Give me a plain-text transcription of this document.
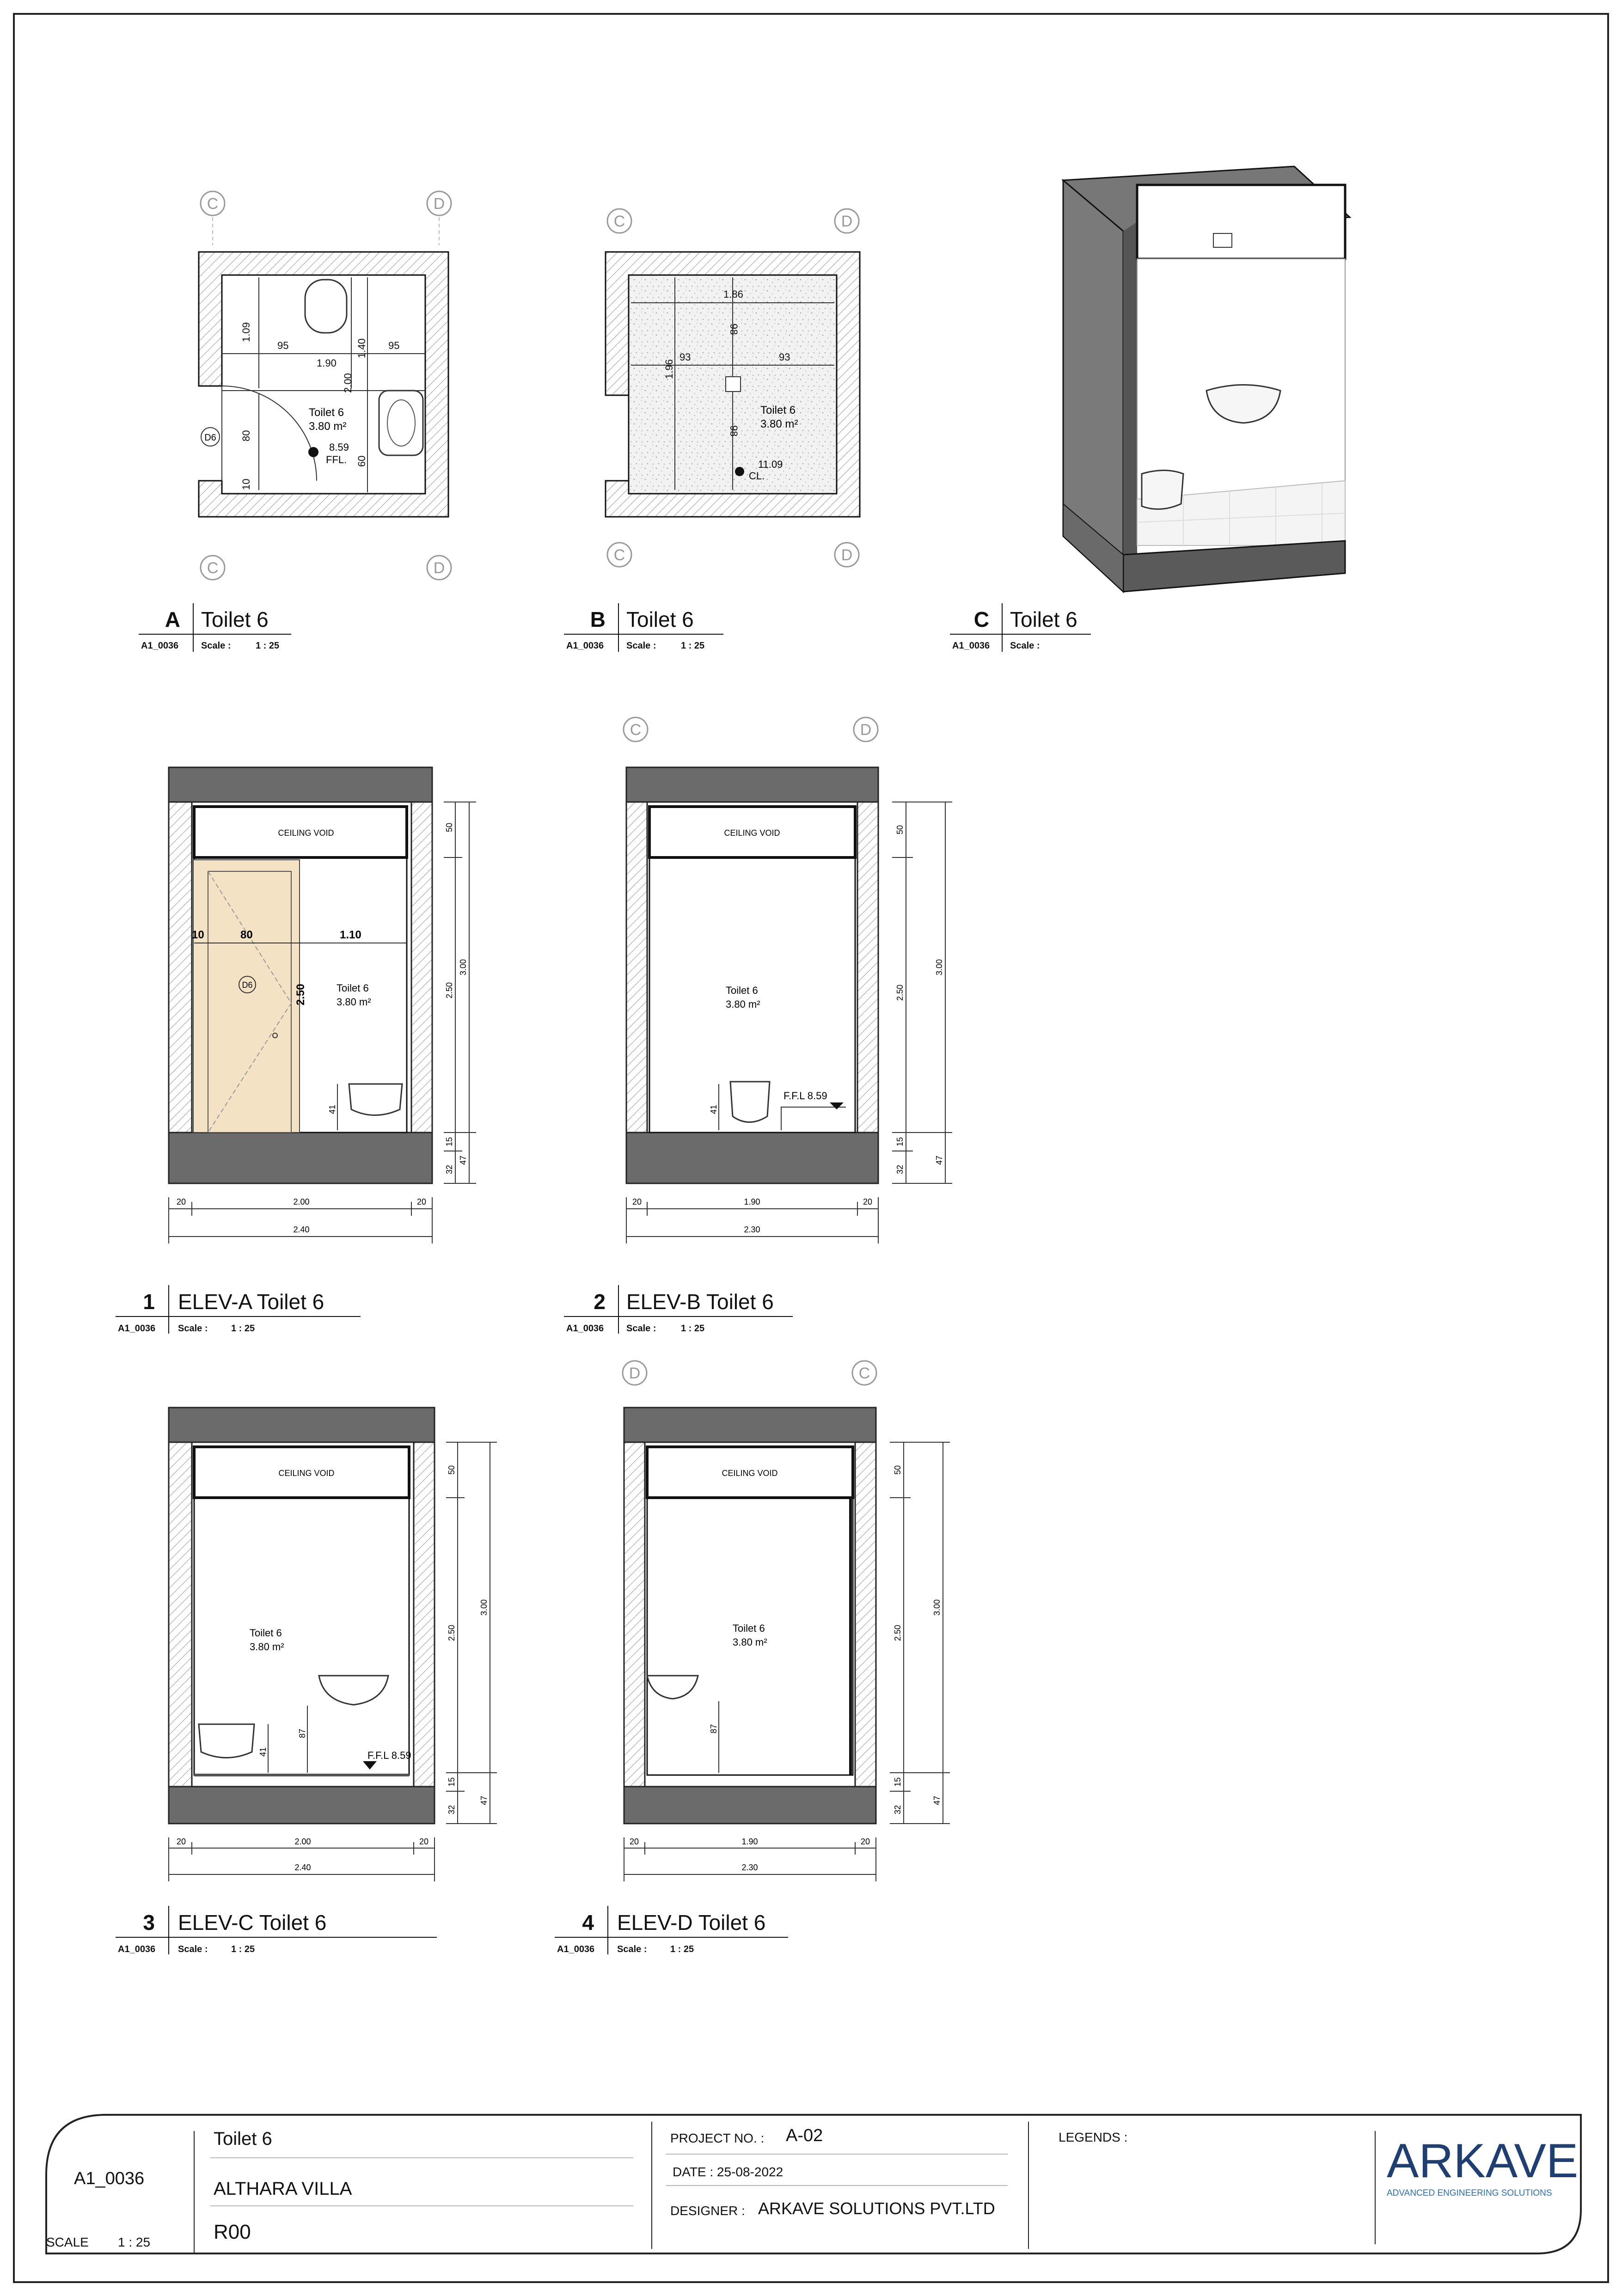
C	D
C	D
95	95
1.90
1.09
1.40
2.00
80
60
10
D6
Toilet 6
3.80 m²
8.59
FFL.
C	D
C	D
1.86
93	93
98
1.96
98
Toilet 6
3.80 m²
11.09
CL.
CEILING VOID
D6
10	80	1.10
2.50	Toilet 6
3.80 m²
41
50
3.00
2.50
15
32
47
20	2.00	20
2.40
C	D
CEILING VOID
Toilet 6
3.80 m²
41
F.F.L 8.59
50
3.00
2.50
15
32
47
20	1.90	20
2.30
CEILING VOID
Toilet 6
3.80 m²
87
41	F.F.L 8.59
50
3.00
2.50
15
32
47
20	2.00	20
2.40
D	C
CEILING VOID
Toilet 6
3.80 m²
87
50
3.00
2.50
15
32
47
20	1.90	20
2.30
A Toilet 6
A1_0036 Scale :	1 : 25
B Toilet 6
A1_0036 Scale :	1 : 25
C Toilet 6
A1_0036 Scale :
1 ELEV-A Toilet 6
A1_0036 Scale :	1 : 25
2 ELEV-B Toilet 6
A1_0036 Scale :	1 : 25
3 ELEV-C Toilet 6
A1_0036 Scale :	1 : 25
4 ELEV-D Toilet 6
A1_0036 Scale :	1 : 25
A1_0036
SCALE 1 : 25
Toilet 6
ALTHARA VILLA
R00
PROJECT NO. : A-02
DATE : 25-08-2022
DESIGNER : ARKAVE SOLUTIONS PVT.LTD
LEGENDS :	ARKAVE
ADVANCED ENGINEERING SOLUTIONS
